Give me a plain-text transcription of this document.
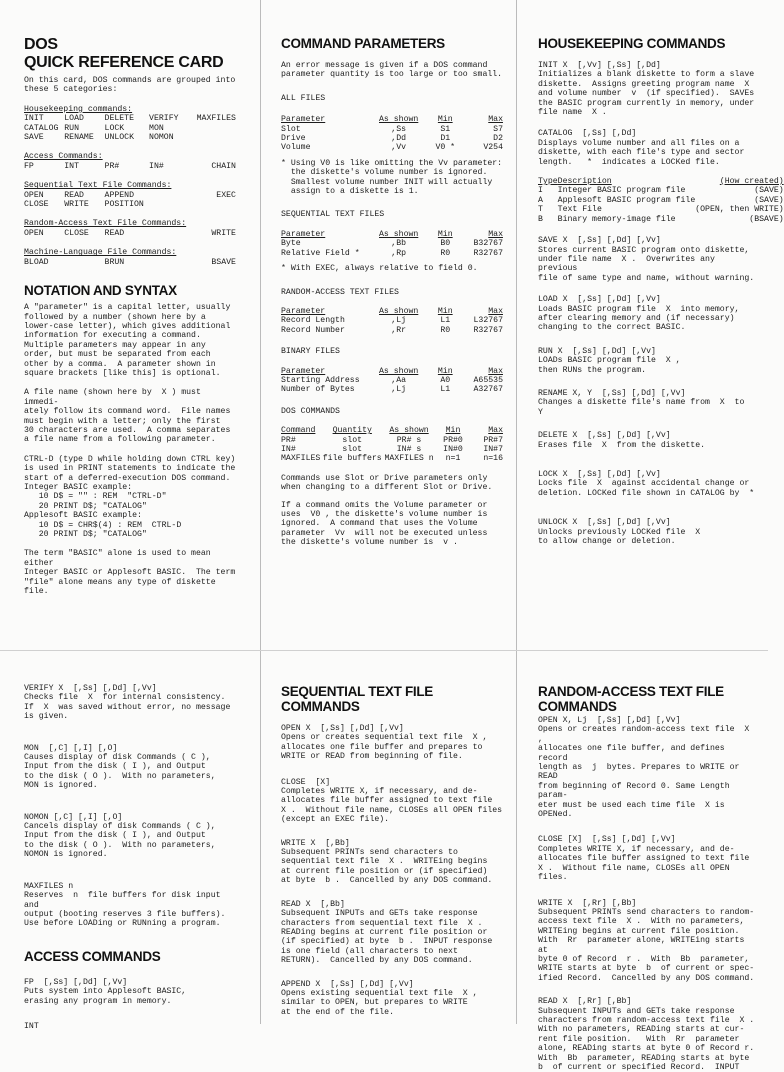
DOS
QUICK REFERENCE CARD

On this card, DOS commands are grouped into
these 5 categories:

Housekeeping commands:
INIT	LOAD	DELETE	VERIFY	MAXFILES
CATALOG RUN	LOCK	MON
SAVE	RENAME	UNLOCK	NOMON
Access Commands:
FP	INT	PR#	IN#	CHAIN
Sequential Text File Commands:
OPEN	READ	APPEND	EXEC
CLOSE	WRITE	POSITION
Random-Access Text File Commands:
OPEN	CLOSE	READ	WRITE
Machine-Language File Commands:
BLOAD	BRUN	BSAVE
NOTATION AND SYNTAX

A "parameter" is a capital letter, usually
followed by a number (shown here by a
lower-case letter), which gives additional
information for executing a command.
Multiple parameters may appear in any
order, but must be separated from each
other by a comma.  A parameter shown in
square brackets [like this] is optional.

A file name (shown here by  X ) must immedi-
ately follow its command word.  File names
must begin with a letter; only the first
30 characters are used.  A comma separates
a file name from a following parameter.

CTRL-D (type D while holding down CTRL key)
is used in PRINT statements to indicate the
start of a deferred-execution DOS command.
Integer BASIC example:
10 D$ = "" : REM  "CTRL-D"
20 PRINT D$; "CATALOG"
Applesoft BASIC example:
10 D$ = CHR$(4) : REM  CTRL-D
20 PRINT D$; "CATALOG"

The term "BASIC" alone is used to mean either
Integer BASIC or Applesoft BASIC.  The term
"file" alone means any type of diskette file.

COMMAND PARAMETERS

An error message is given if a DOS command
parameter quantity is too large or too small.

ALL FILES
Parameter	As shown	Min	Max
Slot	,Ss	S1	S7
Drive	,Dd	D1	D2
Volume	,Vv	V0 *	V254

* Using V0 is like omitting the Vv parameter:
the diskette's volume number is ignored.
Smallest volume number INIT will actually
assign to a diskette is 1.

SEQUENTIAL TEXT FILES
Parameter	As shown	Min	Max
Byte	,Bb	B0	B32767
Relative Field *	,Rp	R0	R32767

* With EXEC, always relative to field 0.

RANDOM-ACCESS TEXT FILES
Parameter	As shown	Min	Max
Record Length	,Lj	L1	L32767
Record Number	,Rr	R0	R32767
BINARY FILES
Parameter	As shown	Min	Max
Starting Address	,Aa	A0	A65535
Number of Bytes	,Lj	L1	A32767
DOS COMMANDS
Command	Quantity	As shown	Min	Max
PR#	slot	PR# s	PR#0	PR#7
IN#	slot	IN# s	IN#0	IN#7
MAXFILES	file buffers	MAXFILES n	n=1	n=16

Commands use Slot or Drive parameters only
when changing to a different Slot or Drive.

If a command omits the Volume parameter or
uses  V0 , the diskette's volume number is
ignored.  A command that uses the Volume
parameter  Vv  will not be executed unless
the diskette's volume number is  v .

HOUSEKEEPING COMMANDS

INIT X  [,Vv] [,Ss] [,Dd]
Initializes a blank diskette to form a slave
diskette.  Assigns greeting program name  X
and volume number  v  (if specified).  SAVEs
the BASIC program currently in memory, under
file name  X .

CATALOG  [,Ss] [,Dd]
Displays volume number and all files on a
diskette, with each file's type and sector
length.   *  indicates a LOCKed file.

Type	Description	(How created)
I	Integer BASIC program file	(SAVE)
A	Applesoft BASIC program file	(SAVE)
T	Text File	(OPEN, then WRITE)
B	Binary memory-image file	(BSAVE)

SAVE X  [,Ss] [,Dd] [,Vv]
Stores current BASIC program onto diskette,
under file name  X .  Overwrites any previous
file of same type and name, without warning.

LOAD X  [,Ss] [,Dd] [,Vv]
Loads BASIC program file  X  into memory,
after clearing memory and (if necessary)
changing to the correct BASIC.

RUN X  [,Ss] [,Dd] [,Vv]
LOADs BASIC program file  X ,
then RUNs the program.

RENAME X, Y  [,Ss] [,Dd] [,Vv]
Changes a diskette file's name from  X  to  Y

DELETE X  [,Ss] [,Dd] [,Vv]
Erases file  X  from the diskette.

LOCK X  [,Ss] [,Dd] [,Vv]
Locks file  X  against accidental change or
deletion. LOCKed file shown in CATALOG by  *

UNLOCK X  [,Ss] [,Dd] [,Vv]
Unlocks previously LOCKed file  X
to allow change or deletion.

VERIFY X  [,Ss] [,Dd] [,Vv]
Checks file  X  for internal consistency.
If  X  was saved without error, no message
is given.

MON  [,C] [,I] [,O]
Causes display of disk Commands ( C ),
Input from the disk ( I ), and Output
to the disk ( O ).  With no parameters,
MON is ignored.

NOMON [,C] [,I] [,O]
Cancels display of disk Commands ( C ),
Input from the disk ( I ), and Output
to the disk ( O ).  With no parameters,
NOMON is ignored.

MAXFILES n
Reserves  n  file buffers for disk input and
output (booting reserves 3 file buffers).
Use before LOADing or RUNning a program.

ACCESS COMMANDS

FP  [,Ss] [,Dd] [,Vv]
Puts system into Applesoft BASIC,
erasing any program in memory.

INT
SEQUENTIAL TEXT FILE COMMANDS

OPEN X  [,Ss] [,Dd] [,Vv]
Opens or creates sequential text file  X ,
allocates one file buffer and prepares to
WRITE or READ from beginning of file.

CLOSE  [X]
Completes WRITE X, if necessary, and de-
allocates file buffer assigned to text file
X .  Without file name, CLOSEs all OPEN files
(except an EXEC file).

WRITE X  [,Bb]
Subsequent PRINTs send characters to
sequential text file  X .  WRITEing begins
at current file position or (if specified)
at byte  b .  Cancelled by any DOS command.

READ X  [,Bb]
Subsequent INPUTs and GETs take response
characters from sequential text file  X .
READing begins at current file position or
(if specified) at byte  b .  INPUT response
is one field (all characters to next
RETURN).  Cancelled by any DOS command.

APPEND X  [,Ss] [,Dd] [,Vv]
Opens existing sequential text file  X ,
similar to OPEN, but prepares to WRITE
at the end of the file.

RANDOM-ACCESS TEXT FILE
COMMANDS

OPEN X, Lj  [,Ss] [,Dd] [,Vv]
Opens or creates random-access text file  X ,
allocates one file buffer, and defines record
length as  j  bytes. Prepares to WRITE or READ
from beginning of Record 0. Same Length param-
eter must be used each time file  X is OPENed.

CLOSE [X]  [,Ss] [,Dd] [,Vv]
Completes WRITE X, if necessary, and de-
allocates file buffer assigned to text file
X .  Without file name, CLOSEs all OPEN files.

WRITE X  [,Rr] [,Bb]
Subsequent PRINTs send characters to random-
access text file  X .  With no parameters,
WRITEing begins at current file position.
With  Rr  parameter alone, WRITEing starts at
byte 0 of Record  r .  With  Bb  parameter,
WRITE starts at byte  b  of current or spec-
ified Record.  Cancelled by any DOS command.

READ X  [,Rr] [,Bb]
Subsequent INPUTs and GETs take response
characters from random-access text file  X .
With no parameters, READing starts at cur-
rent file position.   With  Rr  parameter
alone, READing starts at byte 0 of Record r.
With  Bb  parameter, READing starts at byte
b  of current or specified Record.  INPUT
